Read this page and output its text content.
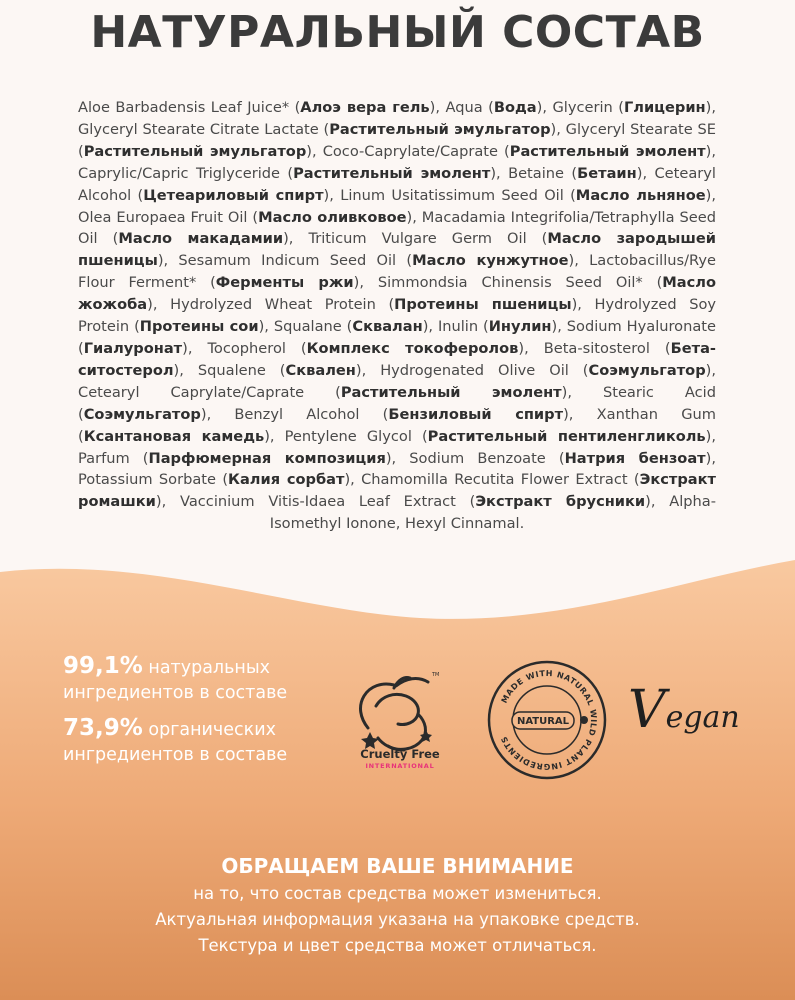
НАТУРАЛЬНЫЙ СОСТАВ
Aloe Barbadensis Leaf Juice* (Алоэ вера гель), Aqua (Вода), Glycerin (Глицерин), Glyceryl Stearate Citrate Lactate (Растительный эмульгатор), Glyceryl Stearate SE (Растительный эмульгатор), Coco-Caprylate/Caprate (Растительный эмолент), Caprylic/Capric Triglyceride (Растительный эмолент), Betaine (Бетаин), Cetearyl Alcohol (Цетеариловый спирт), Linum Usitatissimum Seed Oil (Масло льняное), Olea Europaea Fruit Oil (Масло оливковое), Macadamia Integrifolia/Tetraphylla Seed Oil (Масло макадамии), Triticum Vulgare Germ Oil (Масло зародышей пшеницы), Sesamum Indicum Seed Oil (Масло кунжутное), Lactobacillus/Rye Flour Ferment* (Ферменты ржи), Simmondsia Chinensis Seed Oil* (Масло жожоба), Hydrolyzed Wheat Protein (Протеины пшеницы), Hydrolyzed Soy Protein (Протеины сои), Squalane (Сквалан), Inulin (Инулин), Sodium Hyaluronate (Гиалуронат), Tocopherol (Комплекс токоферолов), Beta-sitosterol (Бета-ситостерол), Squalene (Сквален), Hydrogenated Olive Oil (Соэмульгатор), Cetearyl Caprylate/Caprate (Растительный эмолент), Stearic Acid (Соэмульгатор), Benzyl Alcohol (Бензиловый спирт), Xanthan Gum (Ксантановая камедь), Pentylene Glycol (Растительный пентиленгликоль), Parfum (Парфюмерная композиция), Sodium Benzoate (Натрия бензоат), Potassium Sorbate (Калия сорбат), Chamomilla Recutita Flower Extract (Экстракт ромашки), Vaccinium Vitis-Idaea Leaf Extract (Экстракт брусники), Alpha-Isomethyl Ionone, Hexyl Cinnamal.
99,1% натуральных
ингредиентов в составе
73,9% органических
ингредиентов в составе
TM
Cruelty Free
INTERNATIONAL
MADE WITH NATURAL WILD PLANT INGREDIENTS
NATURAL Vegan
ОБРАЩАЕМ ВАШЕ ВНИМАНИЕ
на то, что состав средства может измениться.
Актуальная информация указана на упаковке средств.
Текстура и цвет средства может отличаться.
